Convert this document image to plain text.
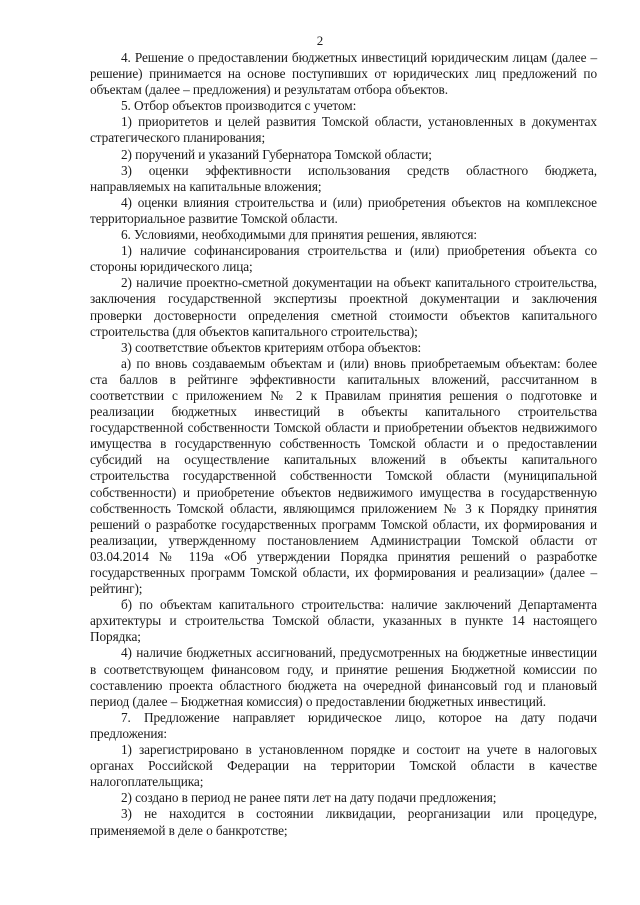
2

4. Решение о предоставлении бюджетных инвестиций юридическим лицам (далее – решение) принимается на основе поступивших от юридических лиц предложений по объектам (далее – предложения) и результатам отбора объектов.

5. Отбор объектов производится с учетом:

1) приоритетов и целей развития Томской области, установленных в документах стратегического планирования;

2) поручений и указаний Губернатора Томской области;

3) оценки эффективности использования средств областного бюджета, направляемых на капитальные вложения;

4) оценки влияния строительства и (или) приобретения объектов на комплексное территориальное развитие Томской области.

6. Условиями, необходимыми для принятия решения, являются:

1) наличие софинансирования строительства и (или) приобретения объекта со стороны юридического лица;

2) наличие проектно-сметной документации на объект капитального строительства, заключения государственной экспертизы проектной документации и заключения проверки достоверности определения сметной стоимости объектов капитального строительства (для объектов капитального строительства);

3) соответствие объектов критериям отбора объектов:

а) по вновь создаваемым объектам и (или) вновь приобретаемым объектам: более ста баллов в рейтинге эффективности капитальных вложений, рассчитанном в соответствии с приложением № 2 к Правилам принятия решения о подготовке и реализации бюджетных инвестиций в объекты капитального строительства государственной собственности Томской области и приобретении объектов недвижимого имущества в государственную собственность Томской области и о предоставлении субсидий на осуществление капитальных вложений в объекты капитального строительства государственной собственности Томской области (муниципальной собственности) и приобретение объектов недвижимого имущества в государственную собственность Томской области, являющимся приложением № 3 к Порядку принятия решений о разработке государственных программ Томской области, их формирования и реализации, утвержденному постановлением Администрации Томской области от 03.04.2014 № 119а «Об утверждении Порядка принятия решений о разработке государственных программ Томской области, их формирования и реализации» (далее – рейтинг);

б) по объектам капитального строительства: наличие заключений Департамента архитектуры и строительства Томской области, указанных в пункте 14 настоящего Порядка;

4) наличие бюджетных ассигнований, предусмотренных на бюджетные инвестиции в соответствующем финансовом году, и принятие решения Бюджетной комиссии по составлению проекта областного бюджета на очередной финансовый год и плановый период (далее – Бюджетная комиссия) о предоставлении бюджетных инвестиций.

7. Предложение направляет юридическое лицо, которое на дату подачи предложения:

1) зарегистрировано в установленном порядке и состоит на учете в налоговых органах Российской Федерации на территории Томской области в качестве налогоплательщика;

2) создано в период не ранее пяти лет на дату подачи предложения;

3) не находится в состоянии ликвидации, реорганизации или процедуре, применяемой в деле о банкротстве;
